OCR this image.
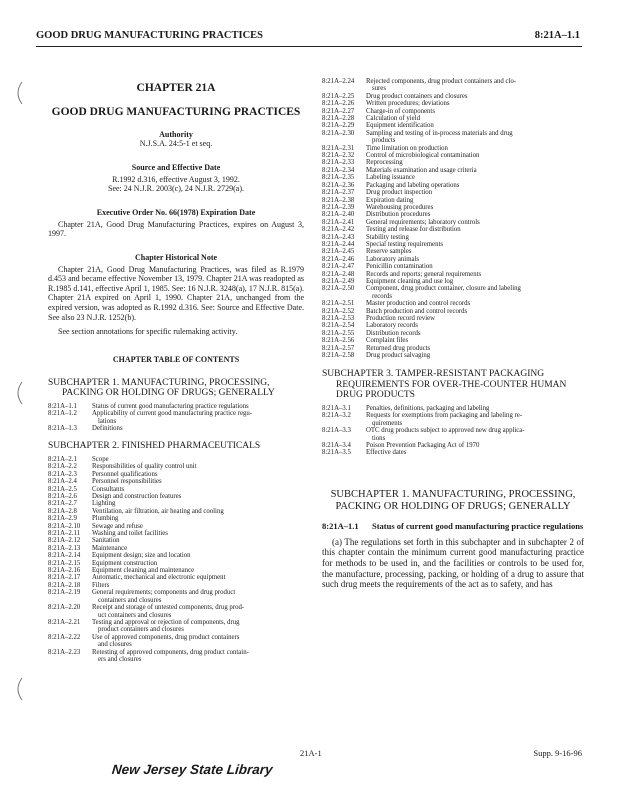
GOOD DRUG MANUFACTURING PRACTICES	8:21A–1.1
CHAPTER 21A
GOOD DRUG MANUFACTURING PRACTICES
Authority
N.J.S.A. 24:5-1 et seq.
Source and Effective Date
R.1992 d.316, effective August 3, 1992.
See: 24 N.J.R. 2003(c), 24 N.J.R. 2729(a).
Executive Order No. 66(1978) Expiration Date
Chapter 21A, Good Drug Manufacturing Practices, expires on August 3, 1997.
Chapter Historical Note
Chapter 21A, Good Drug Manufacturing Practices, was filed as R.1979 d.453 and became effective November 13, 1979. Chapter 21A was readopted as R.1985 d.141, effective April 1, 1985. See: 16 N.J.R. 3248(a), 17 N.J.R. 815(a). Chapter 21A expired on April 1, 1990. Chapter 21A, unchanged from the expired version, was adopted as R.1992 d.316. See: Source and Effective Date. See also 23 N.J.R. 1252(b).
See section annotations for specific rulemaking activity.
CHAPTER TABLE OF CONTENTS
SUBCHAPTER 1. MANUFACTURING, PROCESSING, PACKING OR HOLDING OF DRUGS; GENERALLY
8:21A–1.1	Status of current good manufacturing practice regulations
8:21A–1.2	Applicability of current good manufacturing practice regu-
lations
8:21A–1.3	Definitions
SUBCHAPTER 2. FINISHED PHARMACEUTICALS
8:21A–2.1	Scope
8:21A–2.2	Responsibilities of quality control unit
8:21A–2.3	Personnel qualifications
8:21A–2.4	Personnel responsibilities
8:21A–2.5	Consultants
8:21A–2.6	Design and construction features
8:21A–2.7	Lighting
8:21A–2.8	Ventilation, air filtration, air heating and cooling
8:21A–2.9	Plumbing
8:21A–2.10	Sewage and refuse
8:21A–2.11	Washing and toilet facilities
8:21A–2.12	Sanitation
8:21A–2.13	Maintenance
8:21A–2.14	Equipment design; size and location
8:21A–2.15	Equipment construction
8:21A–2.16	Equipment cleaning and maintenance
8:21A–2.17	Automatic, mechanical and electronic equipment
8:21A–2.18	Filters
8:21A–2.19	General requirements; components and drug product
containers and closures
8:21A–2.20	Receipt and storage of untested components, drug prod-
uct containers and closures
8:21A–2.21	Testing and approval or rejection of components, drug
product containers and closures
8:21A–2.22	Use of approved components, drug product containers
and closures
8:21A–2.23	Retesting of approved components, drug product contain-
ers and closures
8:21A–2.24	Rejected components, drug product containers and clo-
sures
8:21A–2.25	Drug product containers and closures
8:21A–2.26	Written procedures; deviations
8:21A–2.27	Charge-in of components
8:21A–2.28	Calculation of yield
8:21A–2.29	Equipment identification
8:21A–2.30	Sampling and testing of in-process materials and drug
products
8:21A–2.31	Time limitation on production
8:21A–2.32	Control of microbiological contamination
8:21A–2.33	Reprocessing
8:21A–2.34	Materials examination and usage criteria
8:21A–2.35	Labeling issuance
8:21A–2.36	Packaging and labeling operations
8:21A–2.37	Drug product inspection
8:21A–2.38	Expiration dating
8:21A–2.39	Warehousing procedures
8:21A–2.40	Distribution procedures
8:21A–2.41	General requirements; laboratory controls
8:21A–2.42	Testing and release for distribution
8:21A–2.43	Stability testing
8:21A–2.44	Special testing requirements
8:21A–2.45	Reserve samples
8:21A–2.46	Laboratory animals
8:21A–2.47	Penicillin contamination
8:21A–2.48	Records and reports; general requirements
8:21A–2.49	Equipment cleaning and use log
8:21A–2.50	Component, drug product container, closure and labeling
records
8:21A–2.51	Master production and control records
8:21A–2.52	Batch production and control records
8:21A–2.53	Production record review
8:21A–2.54	Laboratory records
8:21A–2.55	Distribution records
8:21A–2.56	Complaint files
8:21A–2.57	Returned drug products
8:21A–2.58	Drug product salvaging
SUBCHAPTER 3. TAMPER-RESISTANT PACKAGING REQUIREMENTS FOR OVER-THE-COUNTER HUMAN DRUG PRODUCTS
8:21A–3.1	Penalties, definitions, packaging and labeling
8:21A–3.2	Requests for exemptions from packaging and labeling re-
quirements
8:21A–3.3	OTC drug products subject to approved new drug applica-
tions
8:21A–3.4	Poison Prevention Packaging Act of 1970
8:21A–3.5	Effective dates
SUBCHAPTER 1. MANUFACTURING, PROCESSING, PACKING OR HOLDING OF DRUGS; GENERALLY
8:21A–1.1	Status of current good manufacturing practice regulations
(a) The regulations set forth in this subchapter and in subchapter 2 of this chapter contain the minimum current good manufacturing practice for methods to be used in, and the facilities or controls to be used for, the manufacture, processing, packing, or holding of a drug to assure that such drug meets the requirements of the act as to safety, and has
21A-1	Supp. 9-16-96
New Jersey State Library
